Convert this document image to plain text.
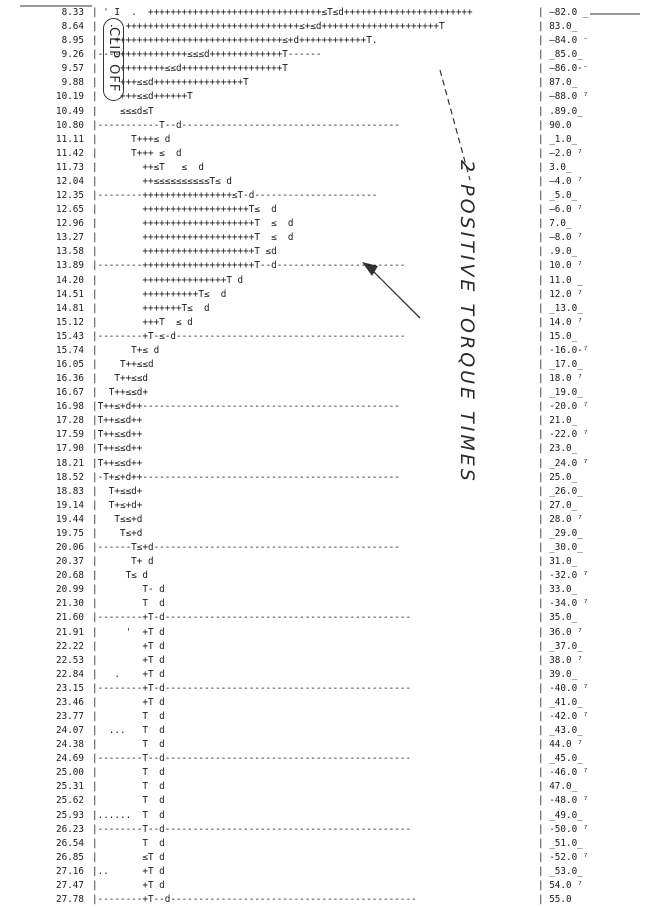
8.33 | ' I  .  +++++++++++++++++++++++++++++++≤T≤d+++++++++++++++++++++++	| —82.0 _
8.64 |  ·  +++++++++++++++++++++++++++++++≤+≤d+++++++++++++++++++++T	| 83.0_
8.95 |   ++++++++++++++++++++++++++++++≤+d++++++++++++T.	| —84.0 ⁻
9.26 |----++++++++++++≤≤≤d+++++++++++++T------	| _85.0_
9.57 |    ++++++++≤≤d++++++++++++++++++T	| —86.0-⁻
9.88 |    +++≤≤d++++++++++++++++T	| 87.0_
10.19 |    +++≤≤d++++++T	| —88.0 ⁷
10.49 |    ≤≤≤d≤T	| .89.0_
10.80 |-----------T--d---------------------------------------	| 90.0
11.11 |      T+++≤ d	| _1.0_
11.42 |      T+++ ≤  d	| —2.0 ⁷
11.73 |        ++≤T   ≤  d	| 3.0_
12.04 |        ++≤≤≤≤≤≤≤≤≤≤T≤ d	| —4.0 ⁷
12.35 |--------++++++++++++++++≤T-d----------------------	| _5.0_
12.65 |        +++++++++++++++++++T≤  d	| —6.0 ⁷
12.96 |        ++++++++++++++++++++T  ≤  d	| 7.0_
13.27 |        ++++++++++++++++++++T  ≤  d	| —8.0 ⁷
13.58 |        ++++++++++++++++++++T ≤d	| .9.0_
13.89 |--------++++++++++++++++++++T--d-----------------------	| 10.0 ⁷
14.20 |        +++++++++++++++T d	| 11.0 _
14.51 |        ++++++++++T≤  d	| 12.0 ⁷
14.81 |        +++++++T≤  d	| _13.0_
15.12 |        +++T  ≤ d	| 14.0 ⁷
15.43 |--------+T-≤-d-----------------------------------------	| 15.0_
15.74 |      T+≤ d	| -16.0-⁷
16.05 |    T++≤≤d	| _17.0_
16.36 |   T++≤≤d	| 18.0 ⁷
16.67 |  T++≤≤d+	| _19.0_
16.98 |T++≤+d++----------------------------------------------	| -20.0 ⁷
17.28 |T++≤≤d++	| 21.0_
17.59 |T++≤≤d++	| -22.0 ⁷
17.90 |T++≤≤d++	| 23.0_
18.21 |T++≤≤d++	| _24.0 ⁷
18.52 |-T+≤+d++----------------------------------------------	| 25.0_
18.83 |  T+≤≤d+	| _26.0_
19.14 |  T+≤+d+	| 27.0_
19.44 |   T≤≤+d	| 28.0 ⁷
19.75 |    T≤+d	| _29.0_
20.06 |------T≤+d--------------------------------------------	| _30.0_
20.37 |      T+ d	| 31.0_
20.68 |     T≤ d	| -32.0 ⁷
20.99 |        T- d	| 33.0_
21.30 |        T  d	| -34.0 ⁷
21.60 |--------+T-d--------------------------------------------	| 35.0_
21.91 |     '  +T d	| 36.0 ⁷
22.22 |        +T d	| _37.0_
22.53 |        +T d	| 38.0 ⁷
22.84 |   .    +T d	| 39.0_
23.15 |--------+T-d--------------------------------------------	| -40.0 ⁷
23.46 |        +T d	| _41.0_
23.77 |        T  d	| -42.0 ⁷
24.07 |  ...   T  d	| _43.0_
24.38 |        T  d	| 44.0 ⁷
24.69 |--------T--d--------------------------------------------	| _45.0_
25.00 |        T  d	| -46.0 ⁷
25.31 |        T  d	| 47.0_
25.62 |        T  d	| -48.0 ⁷
25.93 |......  T  d	| _49.0_
26.23 |--------T--d--------------------------------------------	| -50.0 ⁷
26.54 |        T  d	| _51.0_
26.85 |        ≤T d	| -52.0 ⁷
27.16 |..      +T d	| _53.0_
27.47 |        +T d	| 54.0 ⁷
27.78 |--------+T--d--------------------------------------------	| 55.0
CLIP OFF
2 POSITIVE TORQUE TIMES
